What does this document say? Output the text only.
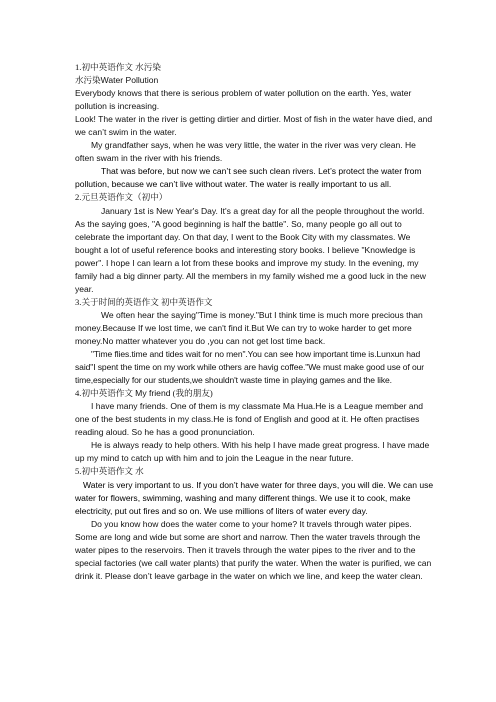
1.初中英语作文 水污染
水污染Water Pollution

Everybody knows that there is serious problem of water pollution on the earth. Yes, water pollution is increasing.

Look! The water in the river is getting dirtier and dirtier. Most of fish in the water have died, and we can’t swim in the water.

My grandfather says, when he was very little, the water in the river was very clean. He often swam in the river with his friends.

That was before, but now we can’t see such clean rivers. Let’s protect the water from pollution, because we can’t live without water. The water is really important to us all.

2.元旦英语作文（初中）

January 1st is New Year's Day. It's a great day for all the people throughout the world. As the saying goes, "A good beginning is half the battle". So, many people go all out to celebrate the important day. On that day, I went to the Book City with my classmates. We bought a lot of useful reference books and interesting story books. I believe "Knowledge is power". I hope I can learn a lot from these books and improve my study. In the evening, my family had a big dinner party. All the members in my family wished me a good luck in the new year.

3.关于时间的英语作文 初中英语作文

We often hear the saying"Time is money."But I think time is much more precious than money.Because If we lost time, we can't find it.But We can try to woke harder to get more money.No matter whatever you do ,you can not get lost time back.

"Time flies.time and tides wait for no men".You can see how important time is.Lunxun had said"I spent the time on my work while others are havig coffee."We must make good use of our time,especially for our students,we shouldn't waste time in playing games and the like.

4.初中英语作文 My friend (我的朋友)

I have many friends. One of them is my classmate Ma Hua.He is a League member and one of the best students in my class.He is fond of English and good at it. He often practises reading aloud. So he has a good pronunciation.

He is always ready to help others. With his help I have made great progress. I have made up my mind to catch up with him and to join the League in the near future.

5.初中英语作文 水

Water is very important to us. If you don’t have water for three days, you will die. We can use water for flowers, swimming, washing and many different things. We use it to cook, make electricity, put out fires and so on. We use millions of liters of water every day.

Do you know how does the water come to your home? It travels through water pipes. Some are long and wide but some are short and narrow. Then the water travels through the water pipes to the reservoirs. Then it travels through the water pipes to the river and to the special factories (we call water plants) that purify the water. When the water is purified, we can drink it. Please don’t leave garbage in the water on which we line, and keep the water clean.
